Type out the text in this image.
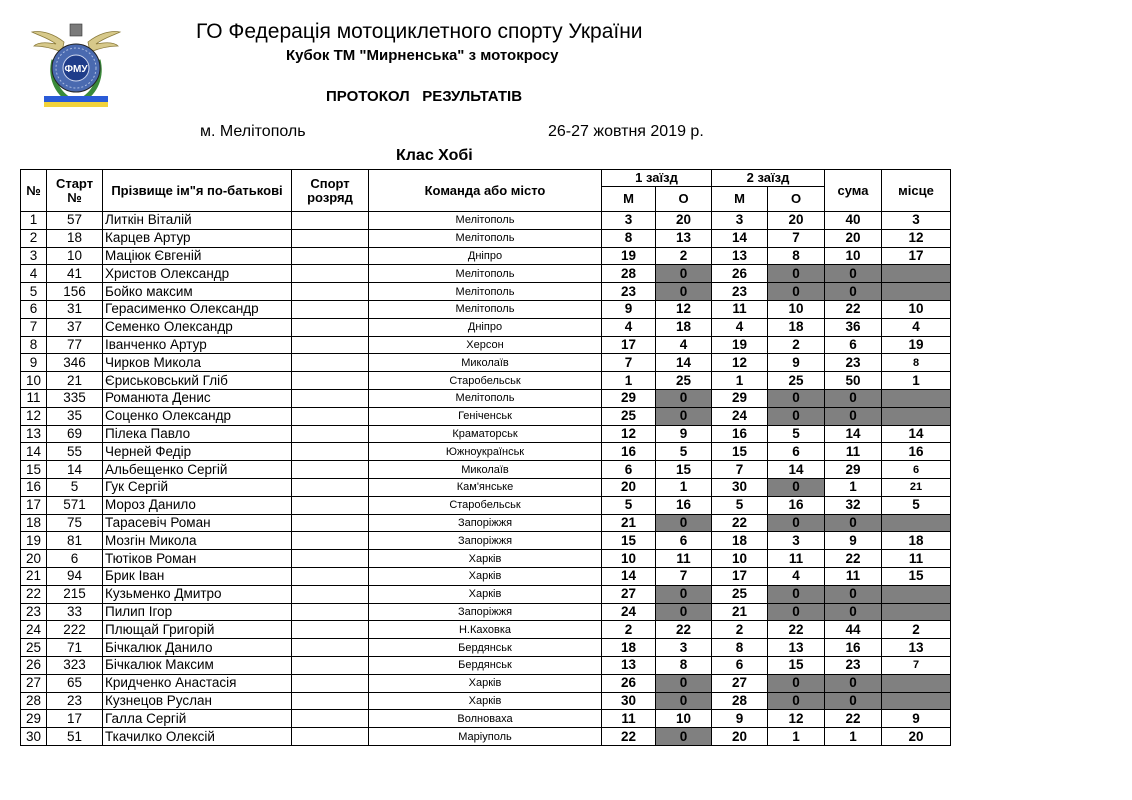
ФМУ
ГО Федерація мотоциклетного спорту України
Кубок ТМ "Мирненська" з мотокросу
ПРОТОКОЛ   РЕЗУЛЬТАТІВ
м. Мелітополь	26-27 жовтня 2019 р.
Клас Хобі
№	Старт №	Прізвище ім"я по-батькові	Спорт розряд	Команда або місто	1 заїзд		2 заїзд		сума	місце
					М	О	М	О		
1	57	Литкін Віталій		Мелітополь	3	20	3	20	40	3
2	18	Карцев Артур		Мелітополь	8	13	14	7	20	12
3	10	Маціюк Євгеній		Дніпро	19	2	13	8	10	17
4	41	Христов Олександр		Мелітополь	28	0	26	0	0	
5	156	Бойко максим		Мелітополь	23	0	23	0	0	
6	31	Герасименко Олександр		Мелітополь	9	12	11	10	22	10
7	37	Семенко Олександр		Дніпро	4	18	4	18	36	4
8	77	Іванченко Артур		Херсон	17	4	19	2	6	19
9	346	Чирков Микола		Миколаїв	7	14	12	9	23	8
10	21	Єриськовський Гліб		Старобельськ	1	25	1	25	50	1
11	335	Романюта Денис		Мелітополь	29	0	29	0	0	
12	35	Соценко Олександр		Геніченськ	25	0	24	0	0	
13	69	Пілека Павло		Краматорськ	12	9	16	5	14	14
14	55	Черней Федір		Южноукраїнськ	16	5	15	6	11	16
15	14	Альбещенко Сергій		Миколаїв	6	15	7	14	29	6
16	5	Гук Сергій		Кам'янське	20	1	30	0	1	21
17	571	Мороз Данило		Старобельськ	5	16	5	16	32	5
18	75	Тарасевіч Роман		Запоріжжя	21	0	22	0	0	
19	81	Мозгін Микола		Запоріжжя	15	6	18	3	9	18
20	6	Тютіков Роман		Харків	10	11	10	11	22	11
21	94	Брик Іван		Харків	14	7	17	4	11	15
22	215	Кузьменко Дмитро		Харків	27	0	25	0	0	
23	33	Пилип Ігор		Запоріжжя	24	0	21	0	0	
24	222	Плющай Григорій		Н.Каховка	2	22	2	22	44	2
25	71	Бічкалюк Данило		Бердянськ	18	3	8	13	16	13
26	323	Бічкалюк Максим		Бердянськ	13	8	6	15	23	7
27	65	Кридченко Анастасія		Харків	26	0	27	0	0	
28	23	Кузнецов Руслан		Харків	30	0	28	0	0	
29	17	Галла Сергій		Волноваха	11	10	9	12	22	9
30	51	Ткачилко Олексій		Маріуполь	22	0	20	1	1	20
